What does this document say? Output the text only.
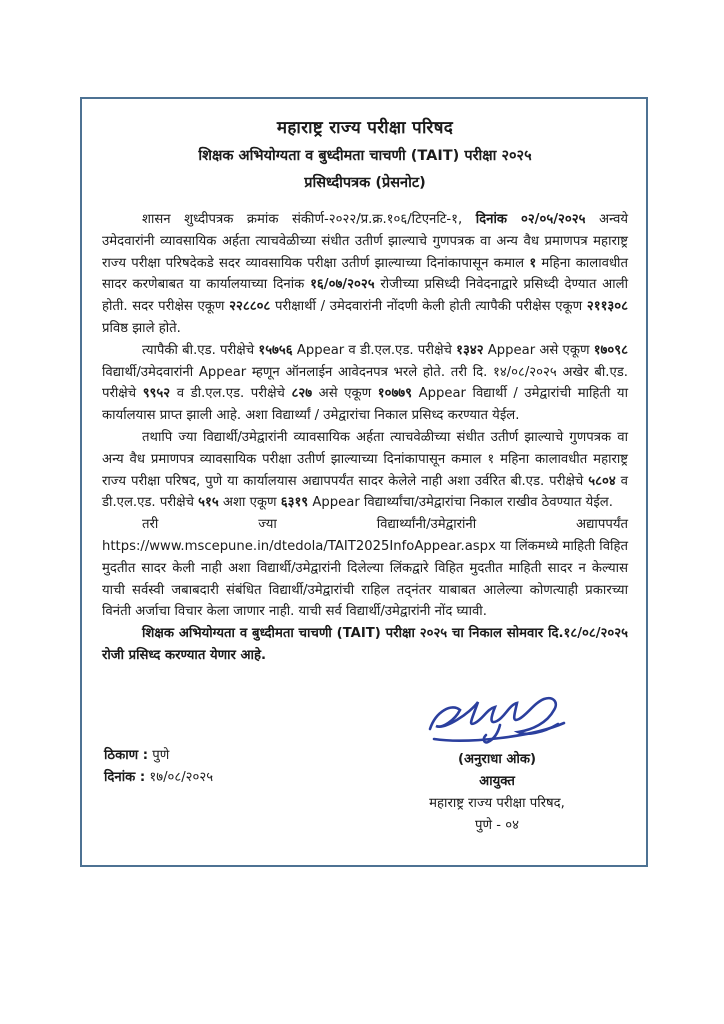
महाराष्ट्र राज्य परीक्षा परिषद
शिक्षक अभियोग्यता व बुध्दीमता चाचणी (TAIT) परीक्षा २०२५
प्रसिध्दीपत्रक (प्रेसनोट)

शासन शुध्दीपत्रक क्रमांक संकीर्ण-२०२२/प्र.क्र.१०६/टिएनटि-१, दिनांक ०२/०५/२०२५ अन्वये उमेदवारांनी व्यावसायिक अर्हता त्याचवेळीच्या संधीत उतीर्ण झाल्याचे गुणपत्रक वा अन्य वैध प्रमाणपत्र महाराष्ट्र राज्य परीक्षा परिषदेकडे सदर व्यावसायिक परीक्षा उतीर्ण झाल्याच्या दिनांकापासून कमाल १ महिना कालावधीत सादर करणेबाबत या कार्यालयाच्या दिनांक १६/०७/२०२५ रोजीच्या प्रसिध्दी निवेदनाद्वारे प्रसिध्दी देण्यात आली होती. सदर परीक्षेस एकूण २२८८०८ परीक्षार्थी / उमेदवारांनी नोंदणी केली होती त्यापैकी परीक्षेस एकूण २११३०८ प्रविष्ठ झाले होते.

त्यापैकी बी.एड. परीक्षेचे १५७५६ Appear व डी.एल.एड. परीक्षेचे १३४२ Appear असे एकूण १७०९८ विद्यार्थी/उमेदवारांनी Appear म्हणून ऑनलाईन आवेदनपत्र भरले होते. तरी दि. १४/०८/२०२५ अखेर बी.एड. परीक्षेचे ९९५२ व डी.एल.एड. परीक्षेचे ८२७ असे एकूण १०७७९ Appear विद्यार्थी / उमेद्वारांची माहिती या कार्यालयास प्राप्त झाली आहे. अशा विद्यार्थ्यां / उमेद्वारांचा निकाल प्रसिध्द करण्यात येईल.

तथापि ज्या विद्यार्थी/उमेद्वारांनी व्यावसायिक अर्हता त्याचवेळीच्या संधीत उतीर्ण झाल्याचे गुणपत्रक वा अन्य वैध प्रमाणपत्र व्यावसायिक परीक्षा उतीर्ण झाल्याच्या दिनांकापासून कमाल १ महिना कालावधीत महाराष्ट्र राज्य परीक्षा परिषद, पुणे या कार्यालयास अद्यापपर्यंत सादर केलेले नाही अशा उर्वरित बी.एड. परीक्षेचे ५८०४ व डी.एल.एड. परीक्षेचे ५१५ अशा एकूण ६३१९ Appear विद्यार्थ्यांचा/उमेद्वारांचा निकाल राखीव ठेवण्यात येईल.

तरी ज्या विद्यार्थ्यांनी/उमेद्वारांनी अद्यापपर्यंत https://www.mscepune.in/dtedola/TAIT2025InfoAppear.aspx या लिंकमध्ये माहिती विहित मुदतीत सादर केली नाही अशा विद्यार्थी/उमेद्वारांनी दिलेल्या लिंकद्वारे विहित मुदतीत माहिती सादर न केल्यास याची सर्वस्वी जबाबदारी संबंधित विद्यार्थी/उमेद्वारांची राहिल तद्नंतर याबाबत आलेल्या कोणत्याही प्रकारच्या विनंती अर्जाचा विचार केला जाणार नाही. याची सर्व विद्यार्थी/उमेद्वारांनी नोंद घ्यावी.

शिक्षक अभियोग्यता व बुध्दीमता चाचणी (TAIT) परीक्षा २०२५ चा निकाल सोमवार दि.१८/०८/२०२५ रोजी प्रसिध्द करण्यात येणार आहे.

(अनुराधा ओक)
आयुक्त
महाराष्ट्र राज्य परीक्षा परिषद,
पुणे - ०४
ठिकाण : पुणे
दिनांक : १७/०८/२०२५
